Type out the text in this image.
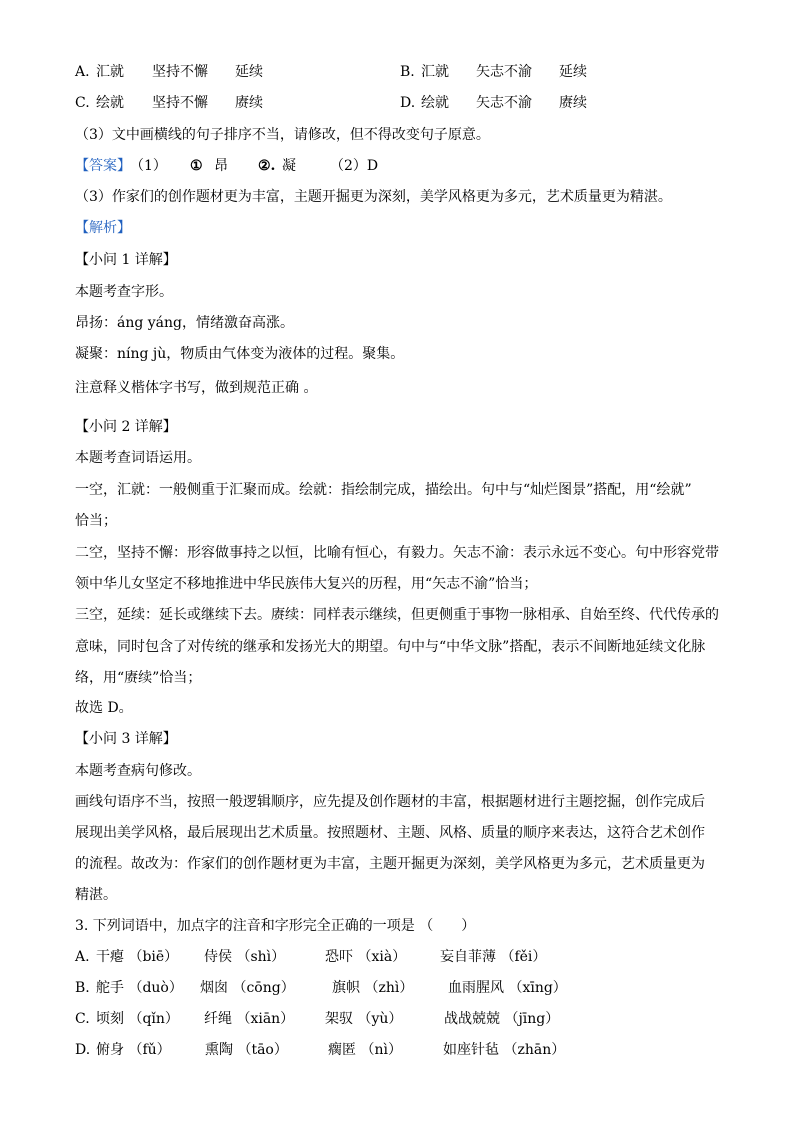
A. 汇就 坚持不懈 延续	B. 汇就 矢志不渝 延续
C. 绘就 坚持不懈 赓续	D. 绘就 矢志不渝 赓续
（3）文中画横线的句子排序不当，请修改，但不得改变句子原意。
【答案】 （1） ① 昂 ②. 凝 （2）D
（3）作家们的创作题材更为丰富，主题开掘更为深刻，美学风格更为多元，艺术质量更为精湛。
【解析】
【小问 1 详解】
本题考查字形。
昂扬：áng yáng，情绪激奋高涨。
凝聚：níng jù，物质由气体变为液体的过程。聚集。
注意释义楷体字书写，做到规范正确 。
【小问 2 详解】
本题考查词语运用。
一空，汇就：一般侧重于汇聚而成。绘就：指绘制完成，描绘出。句中与“灿烂图景”搭配，用“绘就”
恰当；
二空，坚持不懈：形容做事持之以恒，比喻有恒心，有毅力。矢志不渝：表示永远不变心。句中形容党带
领中华儿女坚定不移地推进中华民族伟大复兴的历程，用“矢志不渝”恰当；
三空，延续：延长或继续下去。赓续：同样表示继续，但更侧重于事物一脉相承、自始至终、代代传承的
意味，同时包含了对传统的继承和发扬光大的期望。句中与“中华文脉”搭配，表示不间断地延续文化脉
络，用“赓续”恰当；
故选 D。
【小问 3 详解】
本题考查病句修改。
画线句语序不当，按照一般逻辑顺序，应先提及创作题材的丰富，根据题材进行主题挖掘，创作完成后
展现出美学风格，最后展现出艺术质量。按照题材、主题、风格、质量的顺序来表达，这符合艺术创作
的流程。故改为：作家们的创作题材更为丰富，主题开掘更为深刻，美学风格更为多元，艺术质量更为
精湛。
3. 下列词语中，加点字的注音和字形完全正确的一项是 （　　）
A. 干瘪 （biē） 侍侯 （shì）	恐吓 （xià） 妄自菲薄 （fěi）
B. 舵手 （duò） 烟囱 （cōng）	旗帜 （zhì） 血雨腥风 （xīng）
C. 顷刻 （qǐn） 纤绳 （xiān） 架驭 （yù）	战战兢兢 （jīng）
D. 俯身 （fǔ） 熏陶 （tāo）	瘸匿 （nì）	如座针毡 （zhān）
